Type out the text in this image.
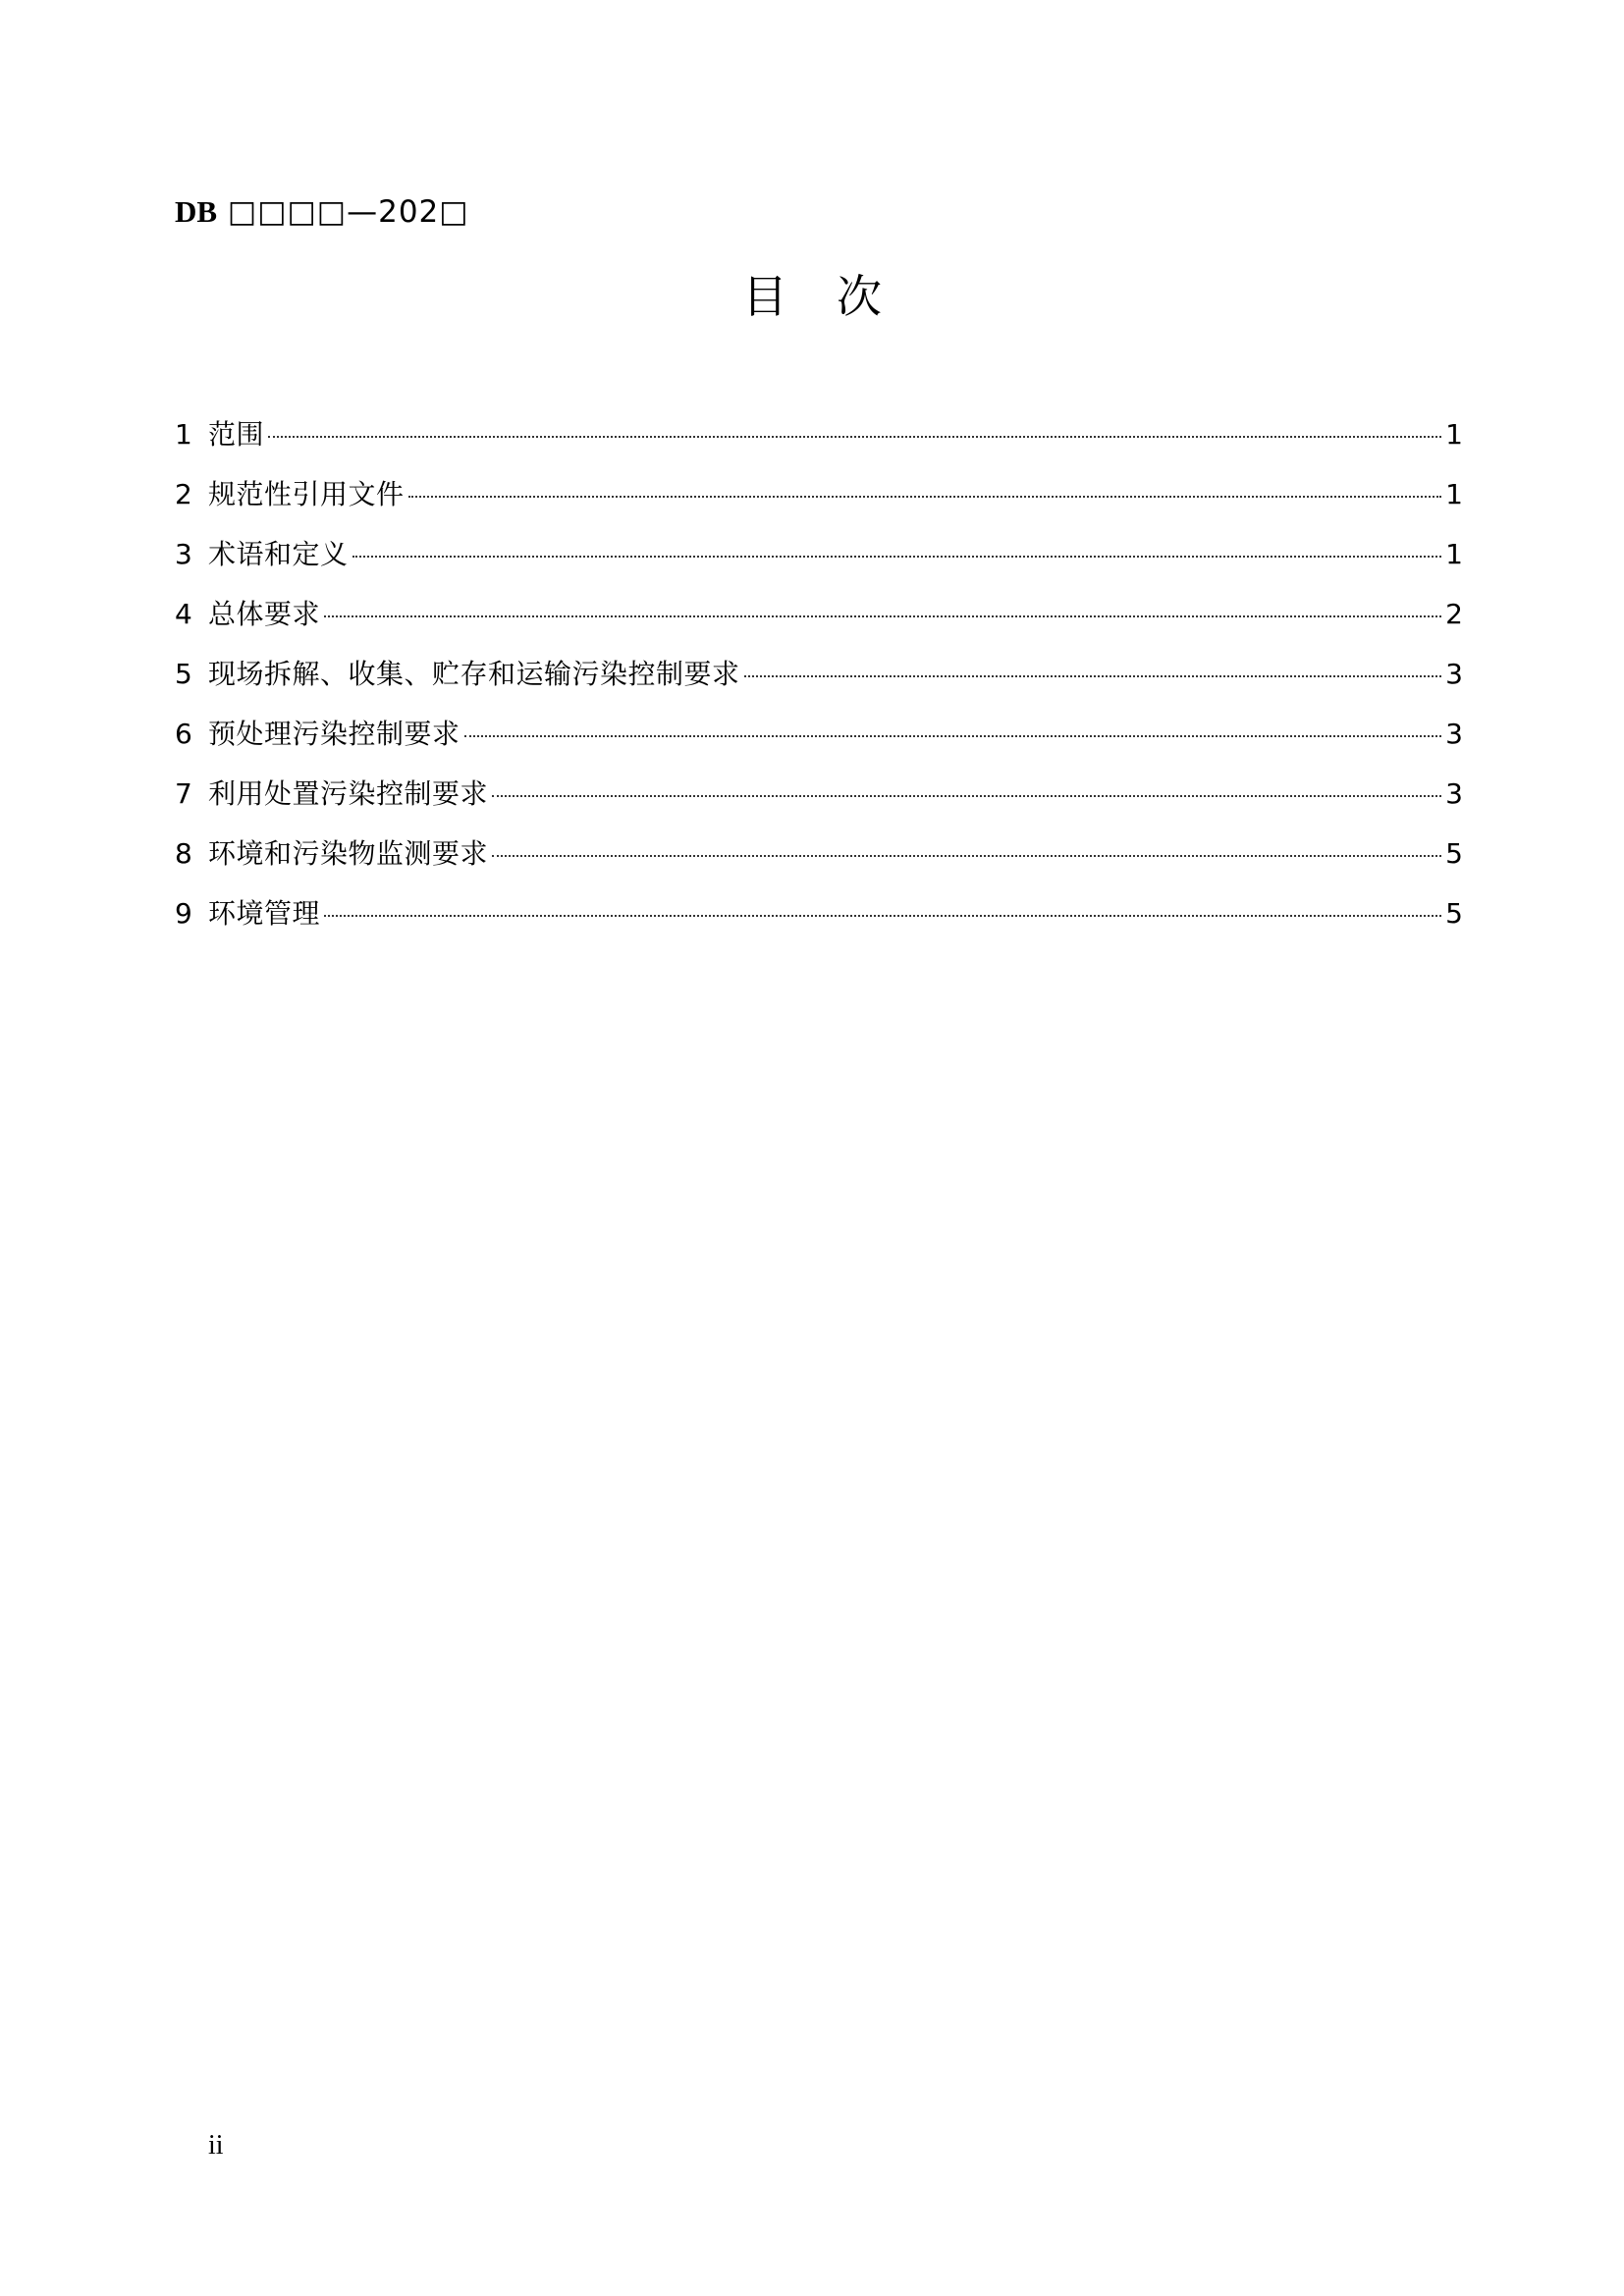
DB □□□□—202□
目次
1 范围	1
2 规范性引用文件	1
3 术语和定义	1
4 总体要求	2
5 现场拆解、收集、贮存和运输污染控制要求	3
6 预处理污染控制要求	3
7 利用处置污染控制要求	3
8 环境和污染物监测要求	5
9 环境管理	5
ii
